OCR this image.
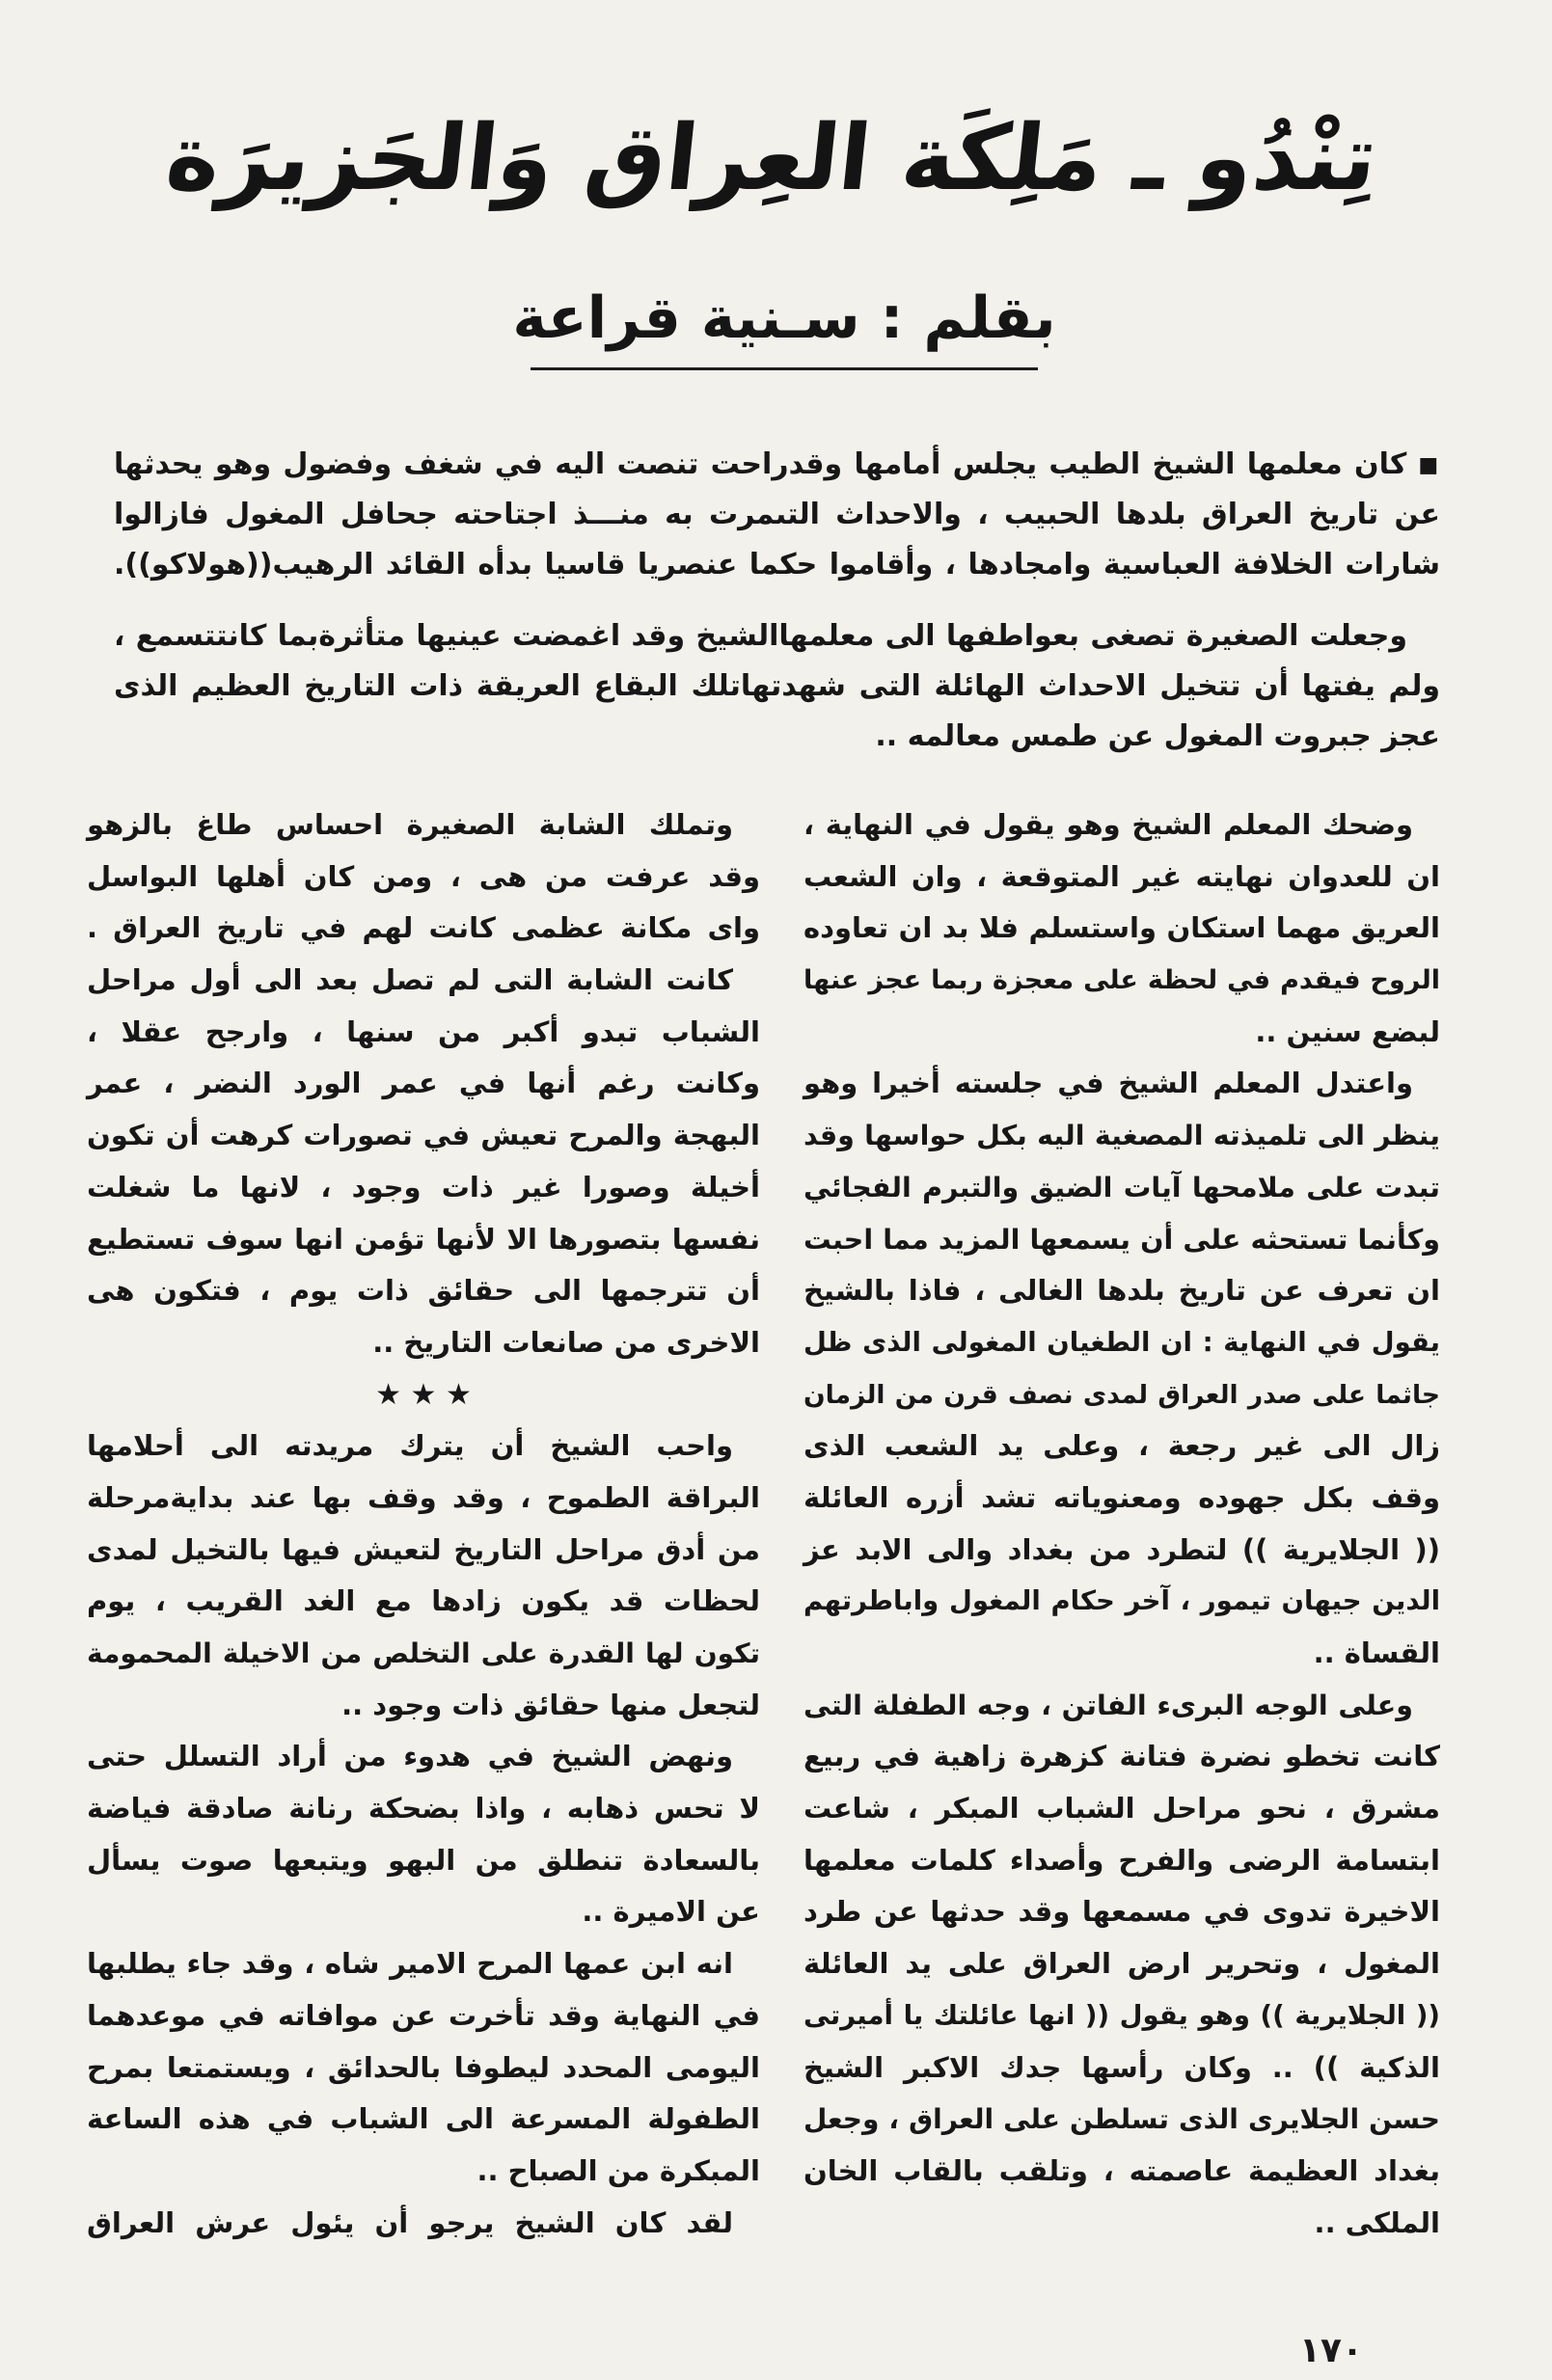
تِنْدُو ـ مَلِكَة العِراق وَالجَزيرَة
بقلم : سـنية قراعة
■كان معلمها الشيخ الطيب يجلس أمامها وقدراحت تنصت اليه في شغف وفضول وهو يحدثها
عن تاريخ العراق بلدها الحبيب ، والاحداث التىمرت به منـــذ اجتاحته جحافل المغول فازالوا
شارات الخلافة العباسية وامجادها ، وأقاموا حكما عنصريا قاسيا بدأه القائد الرهيب((هولاكو)).
وجعلت الصغيرة تصغى بعواطفها الى معلمهاالشيخ وقد اغمضت عينيها متأثرةبما كانتتسمع ،
ولم يفتها أن تتخيل الاحداث الهائلة التى شهدتهاتلك البقاع العريقة ذات التاريخ العظيم الذى
عجز جبروت المغول عن طمس معالمه ..
وضحك المعلم الشيخ وهو يقول في النهاية ،
ان للعدوان نهايته غير المتوقعة ، وان الشعب
العريق مهما استكان واستسلم فلا بد ان تعاوده
الروح فيقدم في لحظة على معجزة ربما عجز عنها
لبضع سنين ..
واعتدل المعلم الشيخ في جلسته أخيرا وهو
ينظر الى تلميذته المصغية اليه بكل حواسها وقد
تبدت على ملامحها آيات الضيق والتبرم الفجائي
وكأنما تستحثه على أن يسمعها المزيد مما احبت
ان تعرف عن تاريخ بلدها الغالى ، فاذا بالشيخ
يقول في النهاية : ان الطغيان المغولى الذى ظل
جاثما على صدر العراق لمدى نصف قرن من الزمان
زال الى غير رجعة ، وعلى يد الشعب الذى
وقف بكل جهوده ومعنوياته تشد أزره العائلة
(( الجلايرية )) لتطرد من بغداد والى الابد عز
الدين جيهان تيمور ، آخر حكام المغول واباطرتهم
القساة ..
وعلى الوجه البرىء الفاتن ، وجه الطفلة التى
كانت تخطو نضرة فتانة كزهرة زاهية في ربيع
مشرق ، نحو مراحل الشباب المبكر ، شاعت
ابتسامة الرضى والفرح وأصداء كلمات معلمها
الاخيرة تدوى في مسمعها وقد حدثها عن طرد
المغول ، وتحرير ارض العراق على يد العائلة
(( الجلايرية )) وهو يقول (( انها عائلتك يا أميرتى
الذكية )) .. وكان رأسها جدك الاكبر الشيخ
حسن الجلايرى الذى تسلطن على العراق ، وجعل
بغداد العظيمة عاصمته ، وتلقب بالقاب الخان
الملكى ..
وتملك الشابة الصغيرة احساس طاغ بالزهو
وقد عرفت من هى ، ومن كان أهلها البواسل
واى مكانة عظمى كانت لهم في تاريخ العراق .
كانت الشابة التى لم تصل بعد الى أول مراحل
الشباب تبدو أكبر من سنها ، وارجح عقلا ،
وكانت رغم أنها في عمر الورد النضر ، عمر
البهجة والمرح تعيش في تصورات كرهت أن تكون
أخيلة وصورا غير ذات وجود ، لانها ما شغلت
نفسها بتصورها الا لأنها تؤمن انها سوف تستطيع
أن تترجمها الى حقائق ذات يوم ، فتكون هى
الاخرى من صانعات التاريخ ..
★ ★ ★
واحب الشيخ أن يترك مريدته الى أحلامها
البراقة الطموح ، وقد وقف بها عند بدايةمرحلة
من أدق مراحل التاريخ لتعيش فيها بالتخيل لمدى
لحظات قد يكون زادها مع الغد القريب ، يوم
تكون لها القدرة على التخلص من الاخيلة المحمومة
لتجعل منها حقائق ذات وجود ..
ونهض الشيخ في هدوء من أراد التسلل حتى
لا تحس ذهابه ، واذا بضحكة رنانة صادقة فياضة
بالسعادة تنطلق من البهو ويتبعها صوت يسأل
عن الاميرة ..
انه ابن عمها المرح الامير شاه ، وقد جاء يطلبها
في النهاية وقد تأخرت عن موافاته في موعدهما
اليومى المحدد ليطوفا بالحدائق ، ويستمتعا بمرح
الطفولة المسرعة الى الشباب في هذه الساعة
المبكرة من الصباح ..
لقد كان الشيخ يرجو أن يئول عرش العراق
١٧٠
